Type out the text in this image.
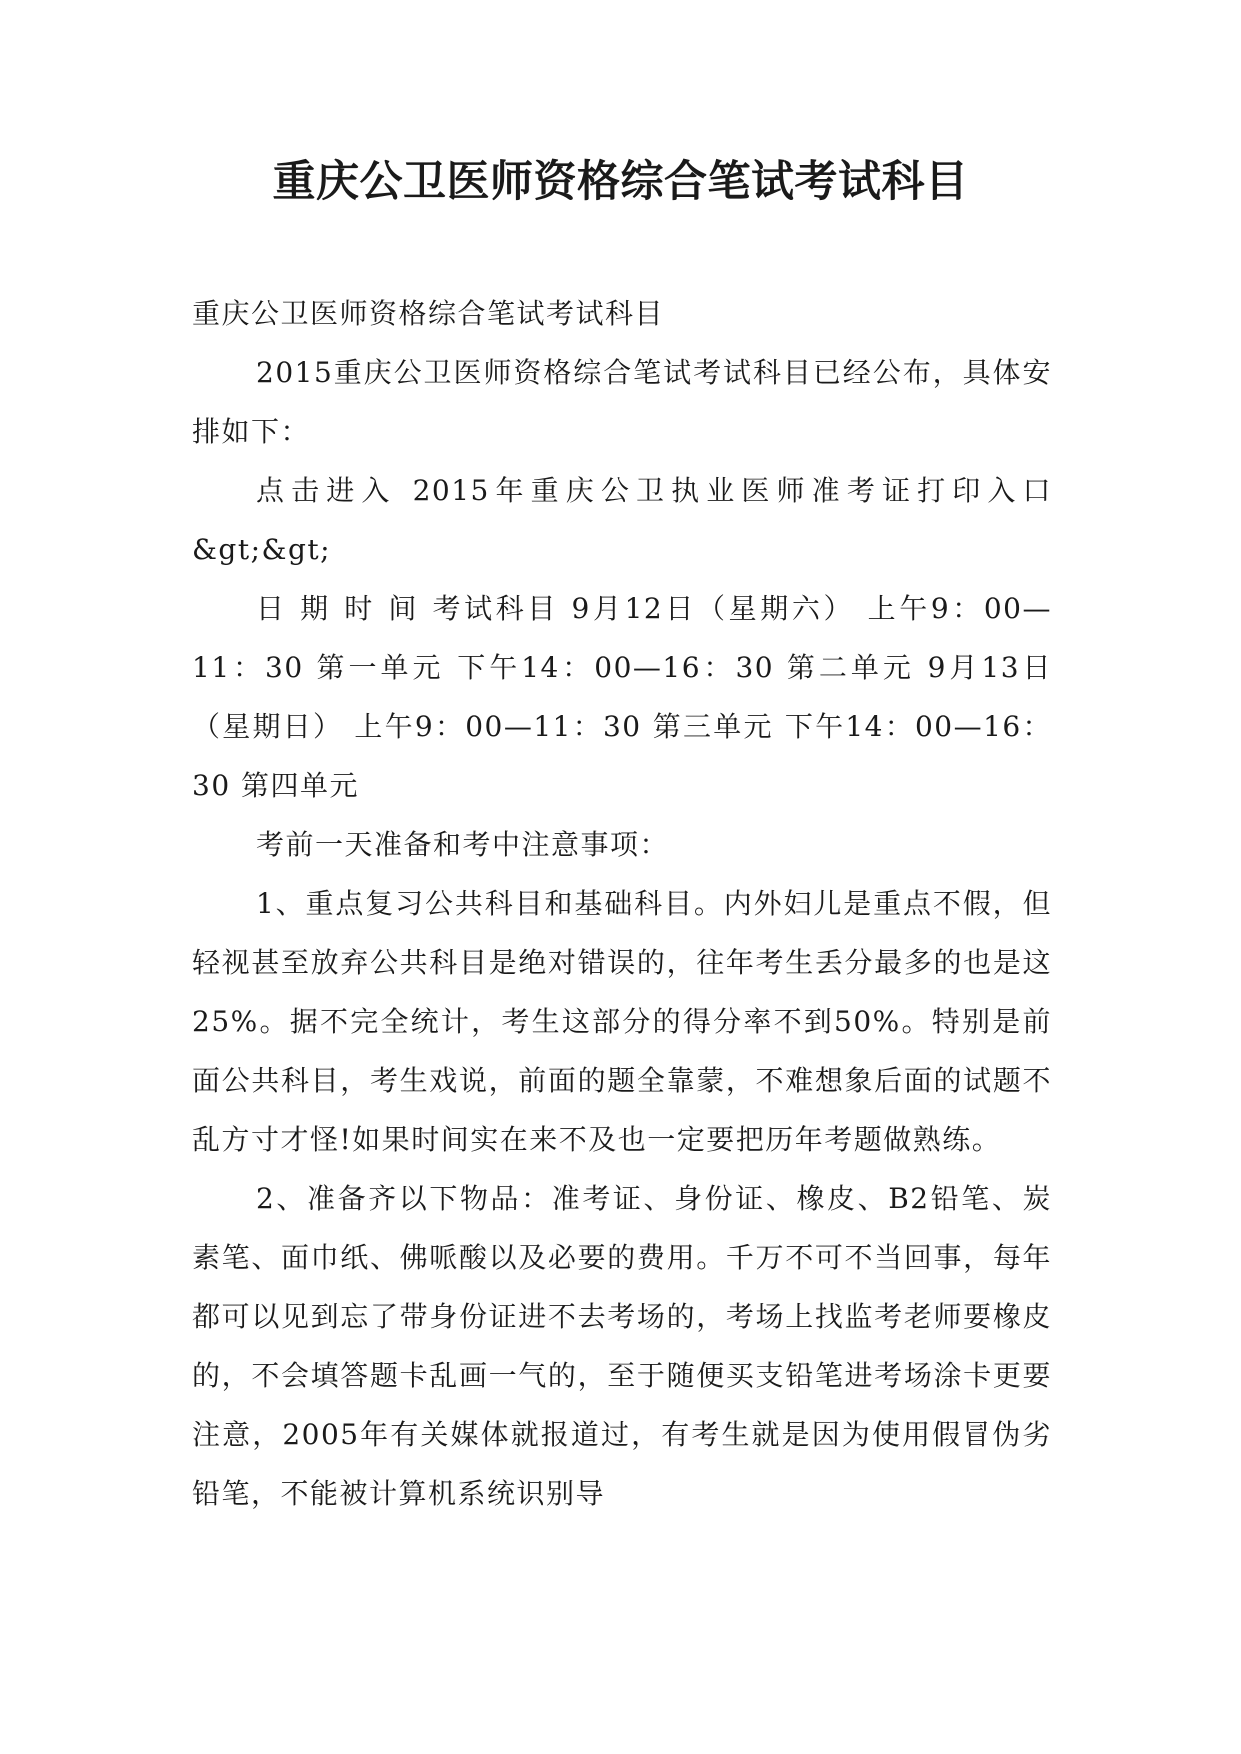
重庆公卫医师资格综合笔试考试科目

重庆公卫医师资格综合笔试考试科目

2015重庆公卫医师资格综合笔试考试科目已经公布，具体安排如下：

点击进入 2015年重庆公卫执业医师准考证打印入口&gt;&gt;

日 期 时 间 考试科目 9月12日（星期六） 上午9：00—11：30 第一单元 下午14：00—16：30 第二单元 9月13日（星期日） 上午9：00—11：30 第三单元 下午14：00—16：30 第四单元

考前一天准备和考中注意事项：

1、重点复习公共科目和基础科目。内外妇儿是重点不假，但轻视甚至放弃公共科目是绝对错误的，往年考生丢分最多的也是这25%。据不完全统计，考生这部分的得分率不到50%。特别是前面公共科目，考生戏说，前面的题全靠蒙，不难想象后面的试题不乱方寸才怪!如果时间实在来不及也一定要把历年考题做熟练。

2、准备齐以下物品：准考证、身份证、橡皮、B2铅笔、炭素笔、面巾纸、佛哌酸以及必要的费用。千万不可不当回事，每年都可以见到忘了带身份证进不去考场的，考场上找监考老师要橡皮的，不会填答题卡乱画一气的，至于随便买支铅笔进考场涂卡更要注意，2005年有关媒体就报道过，有考生就是因为使用假冒伪劣铅笔，不能被计算机系统识别导
